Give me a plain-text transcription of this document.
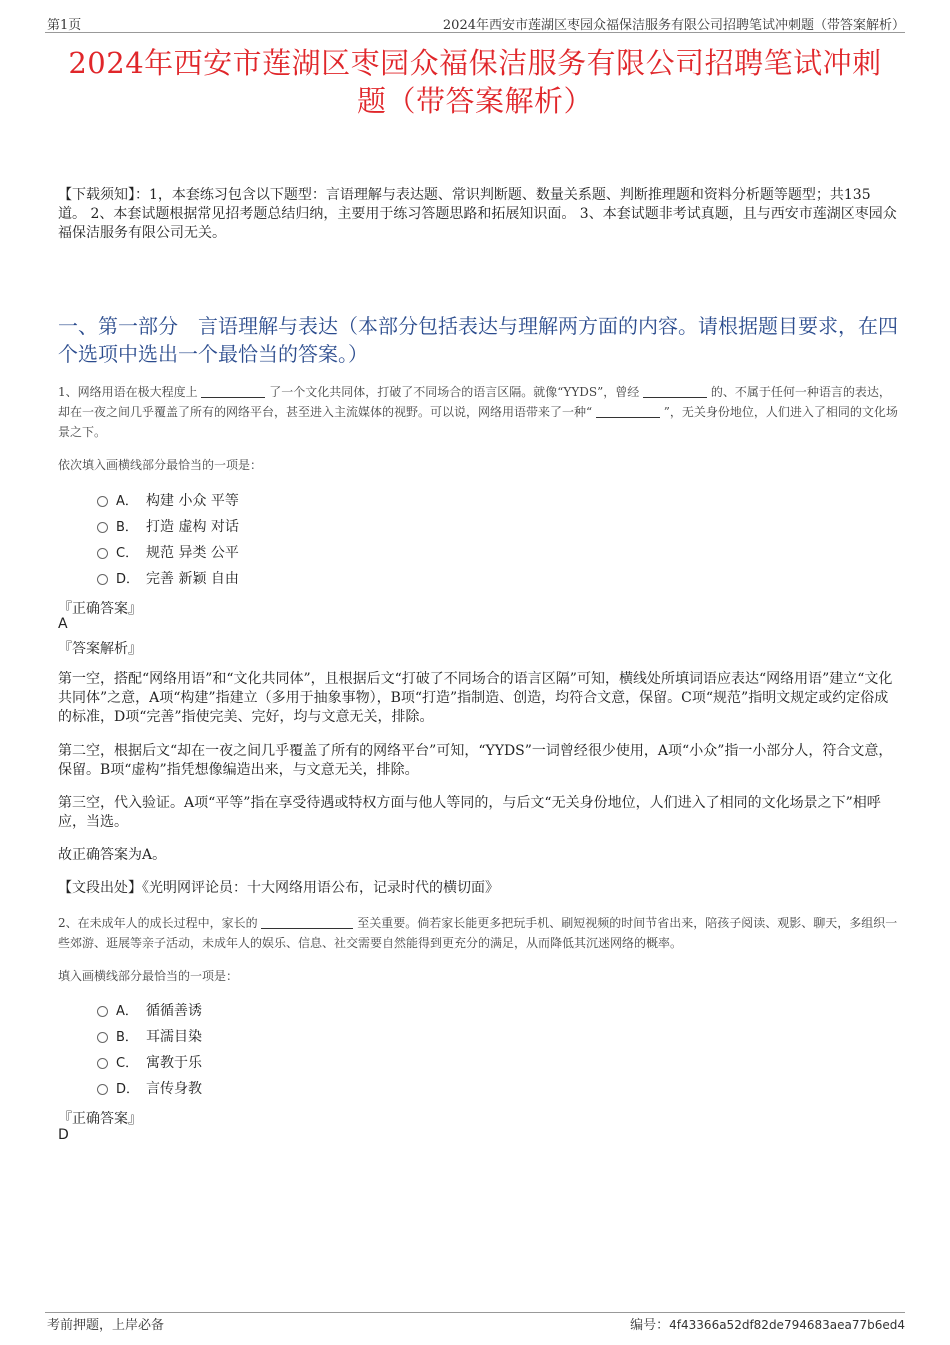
第1页	2024年西安市莲湖区枣园众福保洁服务有限公司招聘笔试冲刺题（带答案解析）
2024年西安市莲湖区枣园众福保洁服务有限公司招聘笔试冲刺
题（带答案解析）
【下载须知】：1，本套练习包含以下题型：言语理解与表达题、常识判断题、数量关系题、判断推理题和资料分析题等题型；共135道。 2、本套试题根据常见招考题总结归纳，主要用于练习答题思路和拓展知识面。 3、本套试题非考试真题，且与西安市莲湖区枣园众福保洁服务有限公司无关。
一、第一部分　言语理解与表达（本部分包括表达与理解两方面的内容。请根据题目要求，在四个选项中选出一个最恰当的答案。）
1、网络用语在极大程度上	了一个文化共同体，打破了不同场合的语言区隔。就像“YYDS”，曾经	的、不属于任何一种语言的表达，却在一夜之间几乎覆盖了所有的网络平台，甚至进入主流媒体的视野。可以说，网络用语带来了一种“	”，无关身份地位，人们进入了相同的文化场景之下。
依次填入画横线部分最恰当的一项是：
A． 构建 小众 平等
B． 打造 虚构 对话
C． 规范 异类 公平
D． 完善 新颖 自由
『正确答案』
A
『答案解析』
第一空，搭配“网络用语”和“文化共同体”，且根据后文“打破了不同场合的语言区隔”可知，横线处所填词语应表达“网络用语”建立“文化共同体”之意，A项“构建”指建立（多用于抽象事物），B项“打造”指制造、创造，均符合文意，保留。C项“规范”指明文规定或约定俗成的标准，D项“完善”指使完美、完好，均与文意无关，排除。
第二空，根据后文“却在一夜之间几乎覆盖了所有的网络平台”可知，“YYDS”一词曾经很少使用，A项“小众”指一小部分人，符合文意，保留。B项“虚构”指凭想像编造出来，与文意无关，排除。
第三空，代入验证。A项“平等”指在享受待遇或特权方面与他人等同的，与后文“无关身份地位，人们进入了相同的文化场景之下”相呼应，当选。
故正确答案为A。
【文段出处】《光明网评论员：十大网络用语公布，记录时代的横切面》
2、在未成年人的成长过程中，家长的	至关重要。倘若家长能更多把玩手机、刷短视频的时间节省出来，陪孩子阅读、观影、聊天，多组织一些郊游、逛展等亲子活动，未成年人的娱乐、信息、社交需要自然能得到更充分的满足，从而降低其沉迷网络的概率。
填入画横线部分最恰当的一项是：
A． 循循善诱
B． 耳濡目染
C． 寓教于乐
D． 言传身教
『正确答案』
D
考前押题，上岸必备	编号：4f43366a52df82de794683aea77b6ed4
